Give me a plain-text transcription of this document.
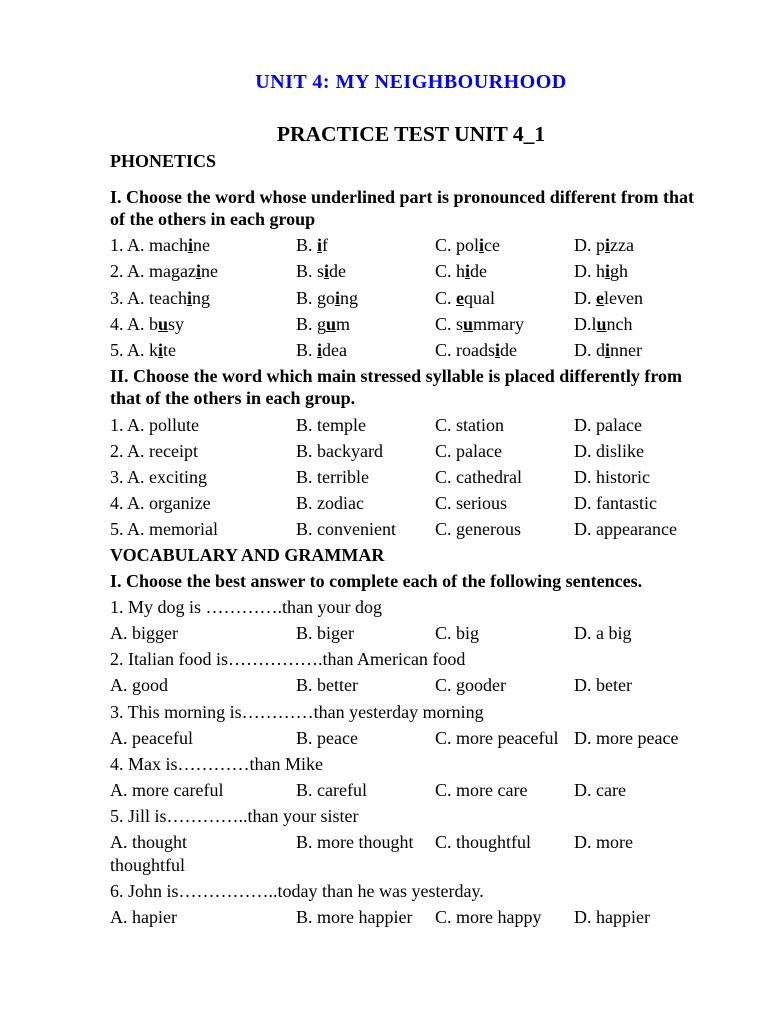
UNIT 4: MY NEIGHBOURHOOD
PRACTICE TEST UNIT 4_1

PHONETICS

I. Choose the word whose underlined part is pronounced different from that of the others in each group

1. A. machine	B. if	C. police	D. pizza

2. A. magazine	B. side	C. hide	D. high

3. A. teaching	B. going	C. equal	D. eleven

4. A. busy	B. gum	C. summary	D.lunch

5. A. kite	B. idea	C. roadside	D. dinner

II. Choose the word which main stressed syllable is placed differently from that of the others in each group.

1. A. pollute	B. temple	C. station	D. palace

2. A. receipt	B. backyard	C. palace	D. dislike

3. A. exciting	B. terrible	C. cathedral	D. historic

4. A. organize	B. zodiac	C. serious	D. fantastic

5. A. memorial	B. convenient C. generous	D. appearance

VOCABULARY AND GRAMMAR

I. Choose the best answer to complete each of the following sentences.

1. My dog is ………….than your dog

A. bigger	B. biger	C. big	D. a big

2. Italian food is…………….than American food

A. good	B. better	C. gooder	D. beter

3. This morning is…………than yesterday morning

A. peaceful	B. peace	C. more peaceful D. more peace

4. Max is…………than Mike

A. more careful	B. careful	C. more care	D. care

5. Jill is…………..than your sister

A. thought	B. more thought C. thoughtful D. more thoughtful

6. John is……………..today than he was yesterday.

A. hapier	B. more happier C. more happy D. happier
